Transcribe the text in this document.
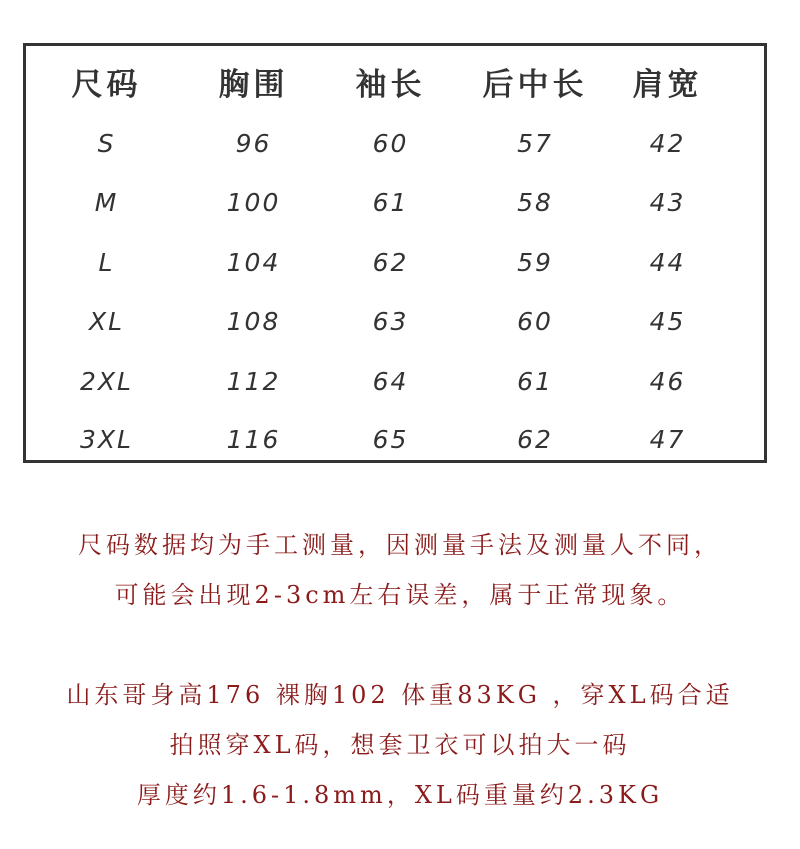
尺码	胸围	袖长	后中长	肩宽
S	96	60	57	42
M	100	61	58	43
L	104	62	59	44
XL	108	63	60	45
2XL	112	64	61	46
3XL	116	65	62	47
尺码数据均为手工测量，因测量手法及测量人不同，
可能会出现2-3cm左右误差，属于正常现象。
山东哥身高176 裸胸102 体重83KG ，穿XL码合适
拍照穿XL码，想套卫衣可以拍大一码
厚度约1.6-1.8mm，XL码重量约2.3KG
